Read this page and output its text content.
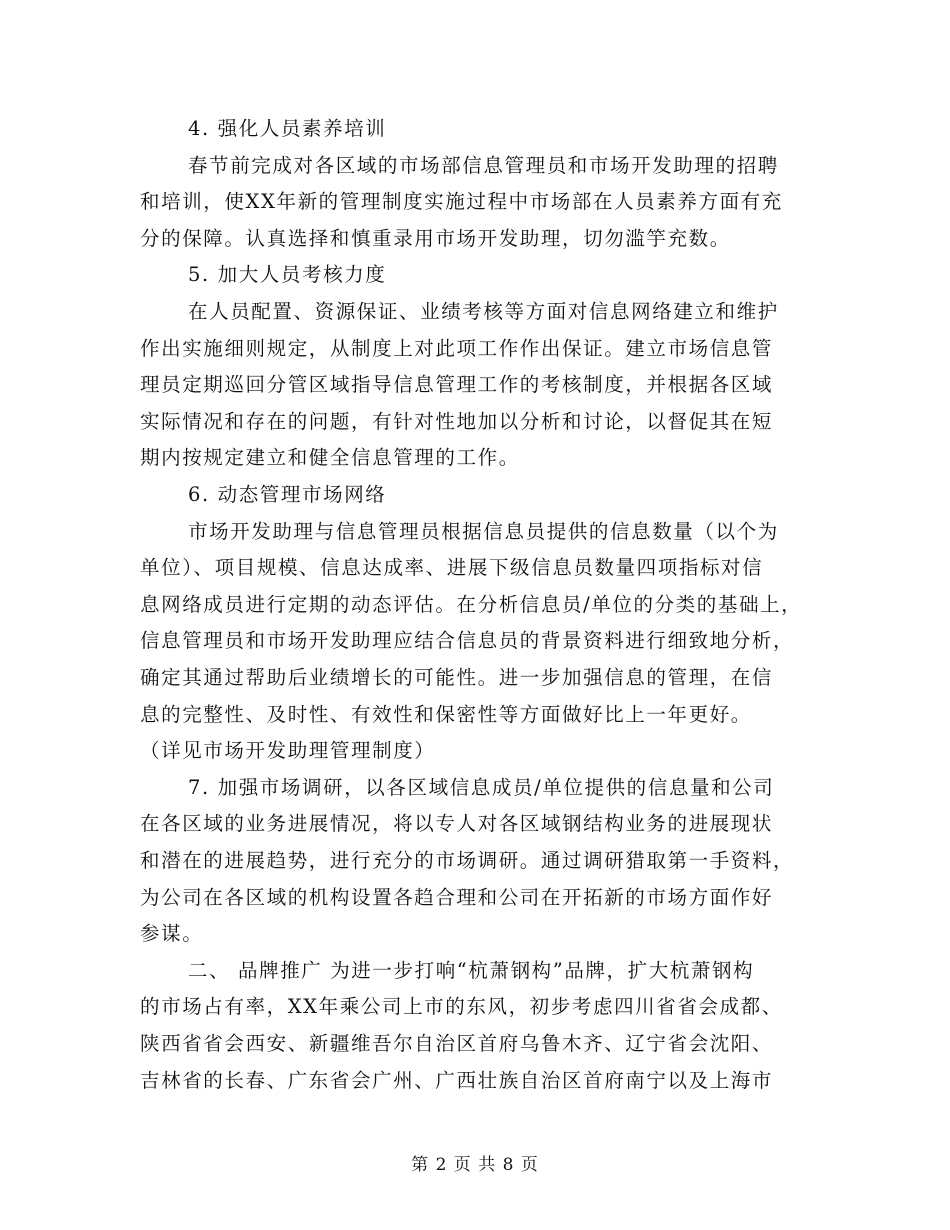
4. 强化人员素养培训
春节前完成对各区域的市场部信息管理员和市场开发助理的招聘
和培训，使XX年新的管理制度实施过程中市场部在人员素养方面有充
分的保障。认真选择和慎重录用市场开发助理，切勿滥竽充数。
5. 加大人员考核力度
在人员配置、资源保证、业绩考核等方面对信息网络建立和维护
作出实施细则规定，从制度上对此项工作作出保证。建立市场信息管
理员定期巡回分管区域指导信息管理工作的考核制度，并根据各区域
实际情况和存在的问题，有针对性地加以分析和讨论，以督促其在短
期内按规定建立和健全信息管理的工作。
6. 动态管理市场网络
市场开发助理与信息管理员根据信息员提供的信息数量（以个为
单位）、项目规模、信息达成率、进展下级信息员数量四项指标对信
息网络成员进行定期的动态评估。在分析信息员/单位的分类的基础上，
信息管理员和市场开发助理应结合信息员的背景资料进行细致地分析，
确定其通过帮助后业绩增长的可能性。进一步加强信息的管理，在信
息的完整性、及时性、有效性和保密性等方面做好比上一年更好。
（详见市场开发助理管理制度）
7. 加强市场调研，以各区域信息成员/单位提供的信息量和公司
在各区域的业务进展情况，将以专人对各区域钢结构业务的进展现状
和潜在的进展趋势，进行充分的市场调研。通过调研猎取第一手资料，
为公司在各区域的机构设置各趋合理和公司在开拓新的市场方面作好
参谋。
二、 品牌推广 为进一步打响“杭萧钢构”品牌，扩大杭萧钢构
的市场占有率，XX年乘公司上市的东风，初步考虑四川省省会成都、
陕西省省会西安、新疆维吾尔自治区首府乌鲁木齐、辽宁省会沈阳、
吉林省的长春、广东省会广州、广西壮族自治区首府南宁以及上海市
第 2 页 共 8 页
